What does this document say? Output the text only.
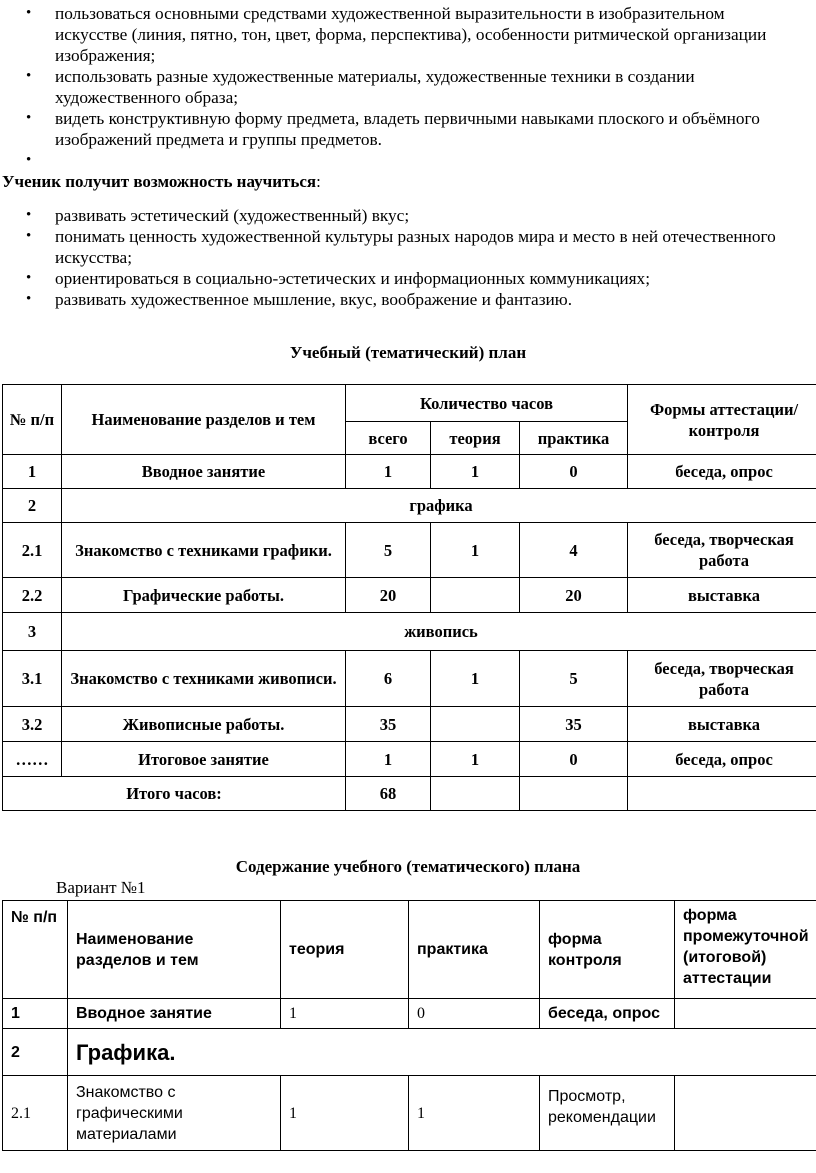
• пользоваться основными средствами художественной выразительности в изобразительном искусстве (линия, пятно, тон, цвет, форма, перспектива), особенности ритмической организации изображения;
• использовать разные художественные материалы, художественные техники в создании художественного образа;
• видеть конструктивную форму предмета, владеть первичными навыками плоского и объёмного изображений предмета и группы предметов.
•
Ученик получит возможность научиться:
• развивать эстетический (художественный) вкус;
• понимать ценность художественной культуры разных народов мира и место в ней отечественного искусства;
• ориентироваться в социально-эстетических и информационных коммуникациях;
• развивать художественное мышление, вкус, воображение и фантазию.
Учебный (тематический) план
№ п/п	Наименование разделов и тем	Количество часов			Формы аттестации/контроля
		всего	теория	практика	
1	Вводное занятие	1	1	0	беседа, опрос
2	графика				
2.1	Знакомство с техниками графики.	5	1	4	беседа, творческая работа
2.2	Графические работы.	20		20	выставка
3	живопись				
3.1	Знакомство с техниками живописи.	6	1	5	беседа, творческая работа
3.2	Живописные работы.	35		35	выставка
……	Итоговое занятие	1	1	0	беседа, опрос
Итого часов:		68			
Содержание учебного (тематического) плана
Вариант №1
№ п/п	Наименование разделов и тем	теория	практика	форма контроля	форма промежуточной (итоговой) аттестации
1	Вводное занятие	1	0	беседа, опрос	
2	Графика.				
2.1	Знакомство с графическими материалами	1	1	Просмотр, рекомендации	
